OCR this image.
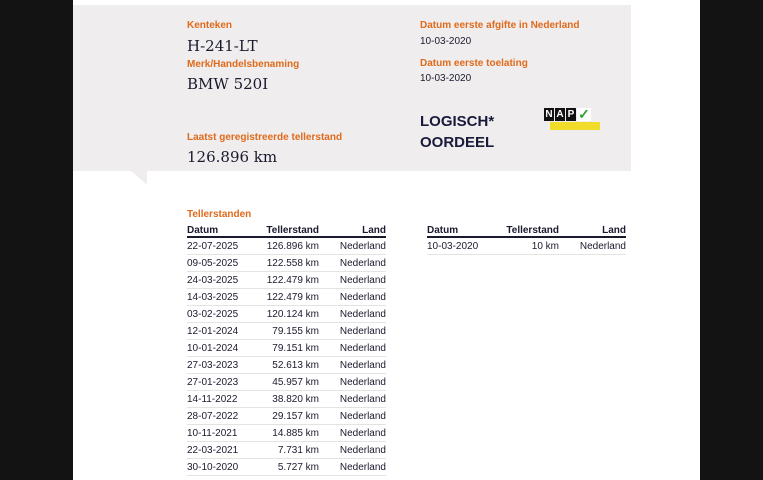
Kenteken
H-241-LT
Merk/Handelsbenaming
BMW 520I
Laatst geregistreerde tellerstand
126.896 km
Datum eerste afgifte in Nederland
10-03-2020
Datum eerste toelating
10-03-2020
LOGISCH*
OORDEEL
N A P ✓
Tellerstanden
Datum	Tellerstand	Land
22-07-2025	126.896 km	Nederland
09-05-2025	122.558 km	Nederland
24-03-2025	122.479 km	Nederland
14-03-2025	122.479 km	Nederland
03-02-2025	120.124 km	Nederland
12-01-2024	79.155 km	Nederland
10-01-2024	79.151 km	Nederland
27-03-2023	52.613 km	Nederland
27-01-2023	45.957 km	Nederland
14-11-2022	38.820 km	Nederland
28-07-2022	29.157 km	Nederland
10-11-2021	14.885 km	Nederland
22-03-2021	7.731 km	Nederland
30-10-2020	5.727 km	Nederland
Datum	Tellerstand	Land
10-03-2020	10 km	Nederland
